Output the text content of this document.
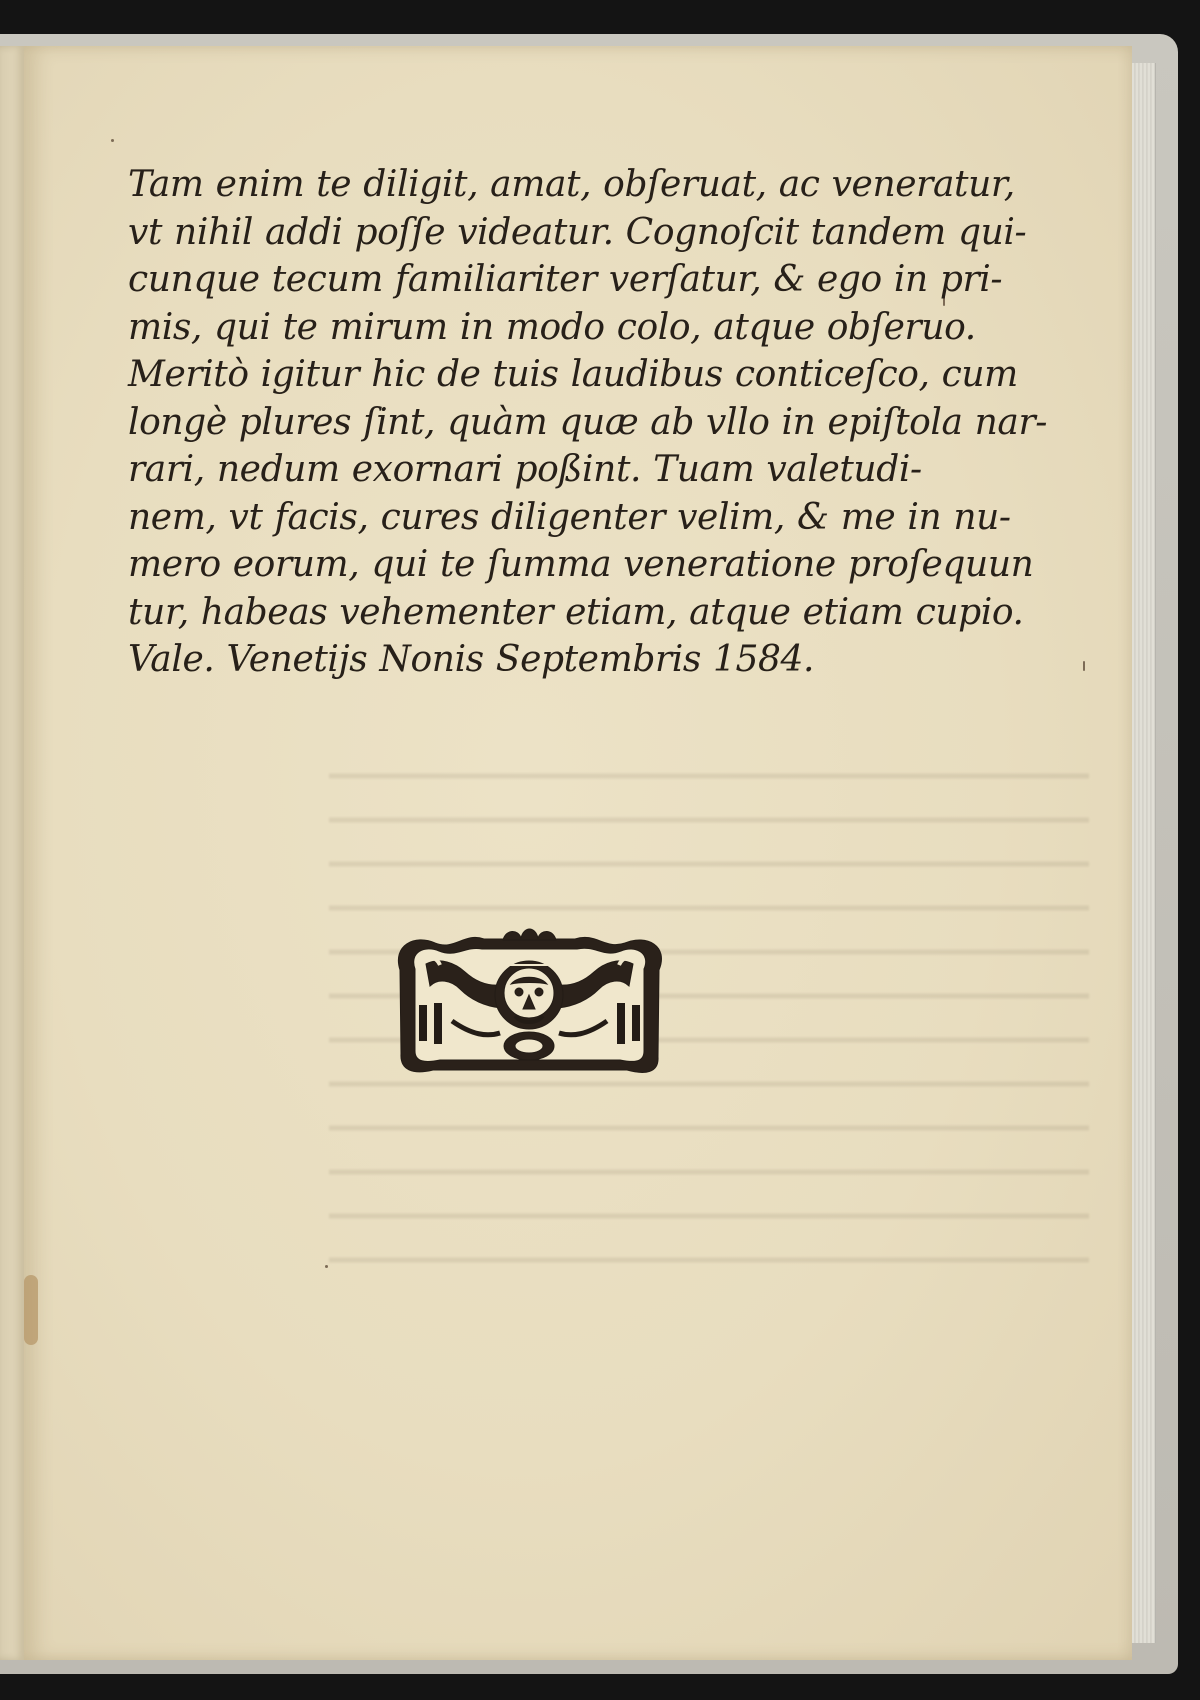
Tam enim te diligit, amat, obſeruat, ac veneratur,
vt nihil addi poſſe videatur. Cognoſcit tandem qui-
cunque tecum familiariter verſatur, & ego in pri-
mis, qui te mirum in modo colo, atque obſeruo.
Meritò igitur hic de tuis laudibus conticeſco, cum
longè plures ſint, quàm quæ ab vllo in epiſtola nar-
rari, nedum exornari poßint. Tuam valetudi-
nem, vt facis, cures diligenter velim, & me in nu-
mero eorum, qui te ſumma veneratione proſequun
tur, habeas vehementer etiam, atque etiam cupio.
Vale. Venetijs Nonis Septembris 1584.
